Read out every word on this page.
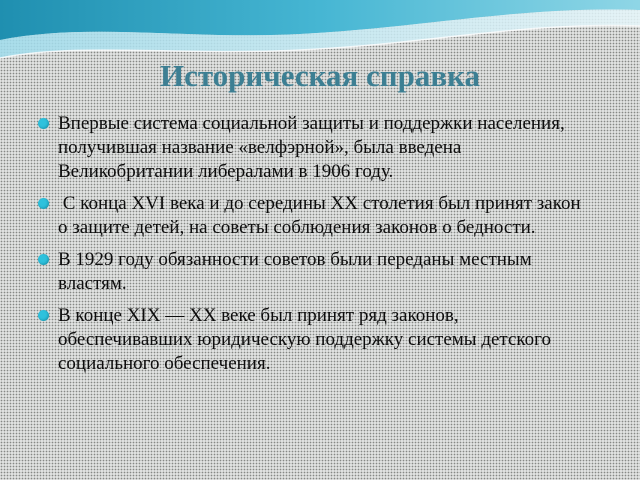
Историческая справка
Впервые система социальной защиты и поддержки населения, получившая название «велфэрной», была введена Великобритании либералами в 1906 году.
С конца XVI века и до середины XX столетия был принят закон о защите детей, на советы соблюдения законов о бедности.
В 1929 году обязанности советов были переданы местным властям.
В конце XIX — XX веке был принят ряд законов, обеспечивавших юридическую поддержку системы детского социального обеспечения.
